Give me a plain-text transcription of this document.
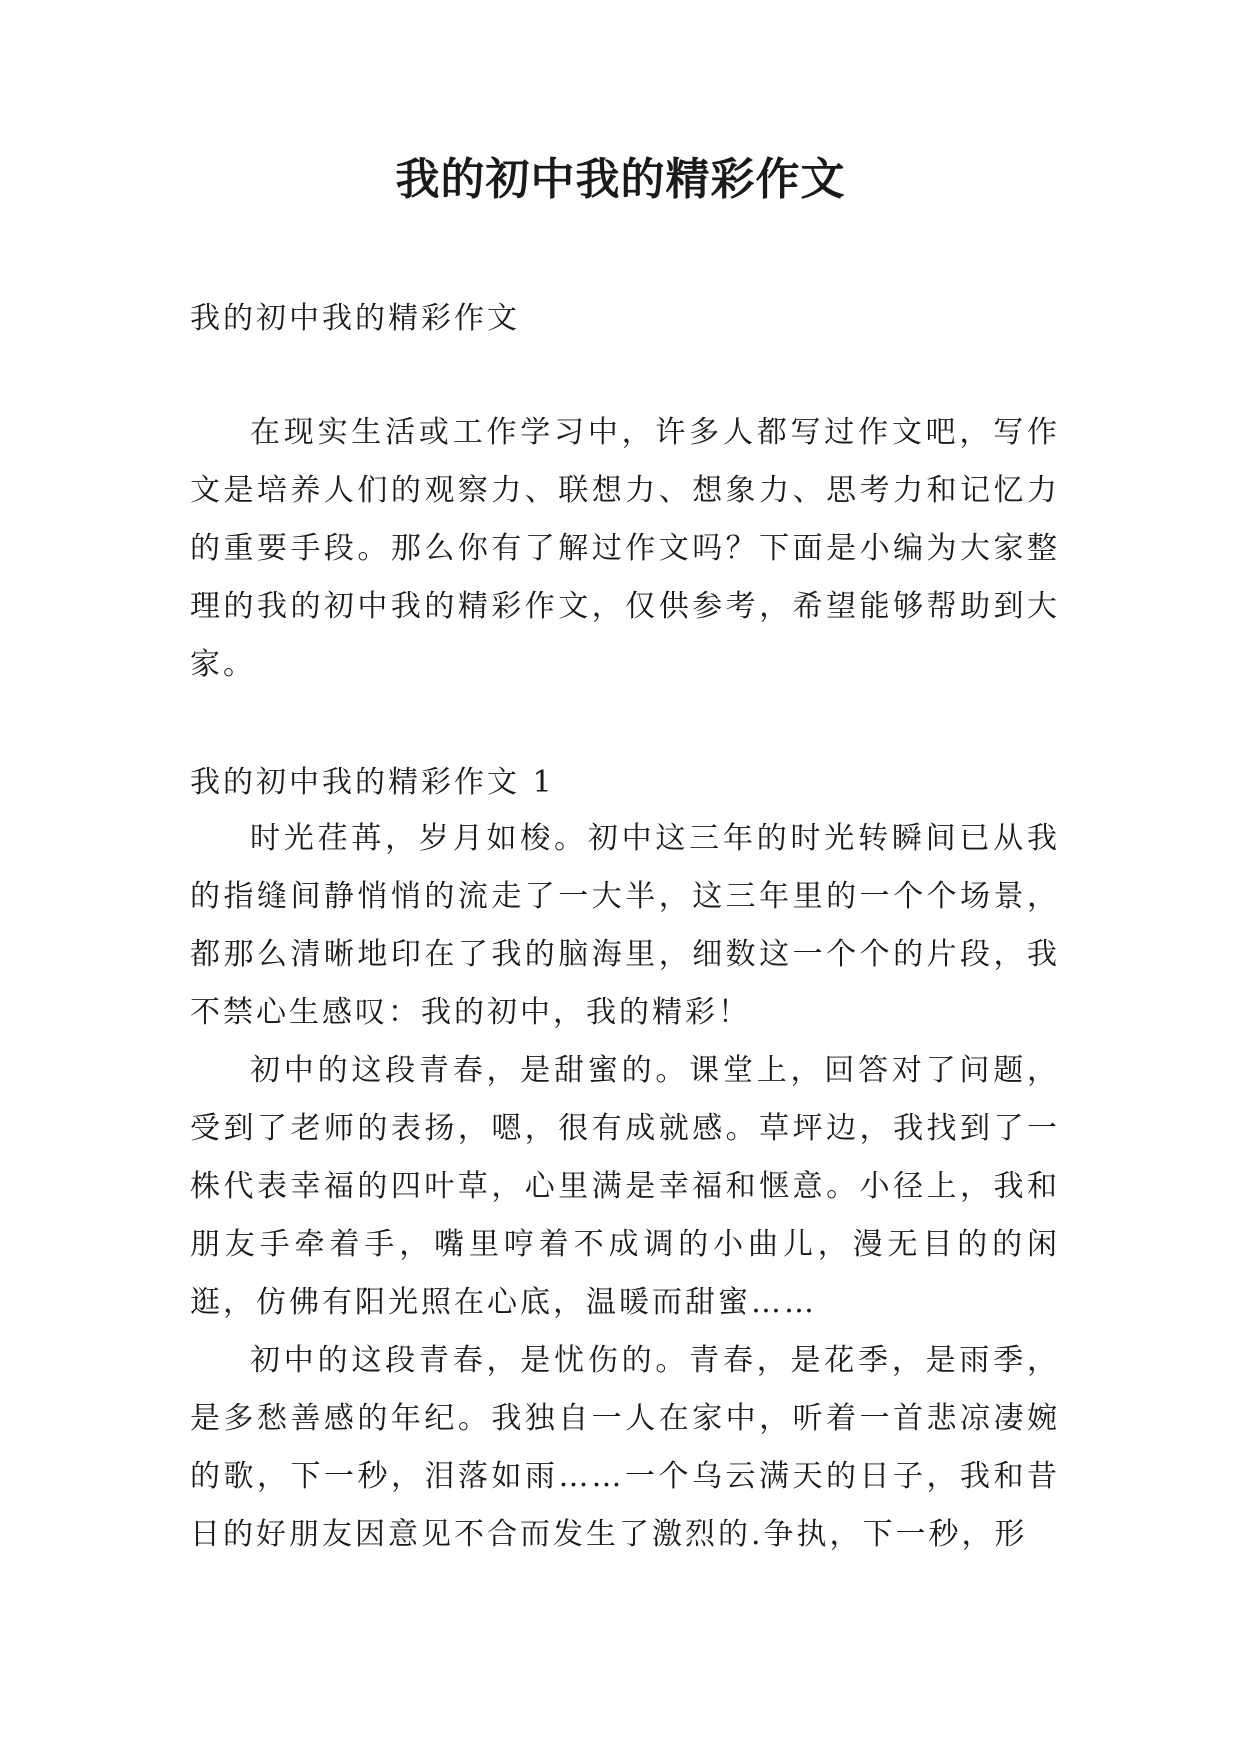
我的初中我的精彩作文
我的初中我的精彩作文

在现实生活或工作学习中，许多人都写过作文吧，写作文是培养人们的观察力、联想力、想象力、思考力和记忆力的重要手段。那么你有了解过作文吗？下面是小编为大家整理的我的初中我的精彩作文，仅供参考，希望能够帮助到大家。

我的初中我的精彩作文 1

时光荏苒，岁月如梭。初中这三年的时光转瞬间已从我的指缝间静悄悄的流走了一大半，这三年里的一个个场景，都那么清晰地印在了我的脑海里，细数这一个个的片段，我不禁心生感叹：我的初中，我的精彩！

初中的这段青春，是甜蜜的。课堂上，回答对了问题，受到了老师的表扬，嗯，很有成就感。草坪边，我找到了一株代表幸福的四叶草，心里满是幸福和惬意。小径上，我和朋友手牵着手，嘴里哼着不成调的小曲儿，漫无目的的闲逛，仿佛有阳光照在心底，温暖而甜蜜……

初中的这段青春，是忧伤的。青春，是花季，是雨季，是多愁善感的年纪。我独自一人在家中，听着一首悲凉凄婉的歌，下一秒，泪落如雨……一个乌云满天的日子，我和昔日的好朋友因意见不合而发生了激烈的.争执，下一秒，形
